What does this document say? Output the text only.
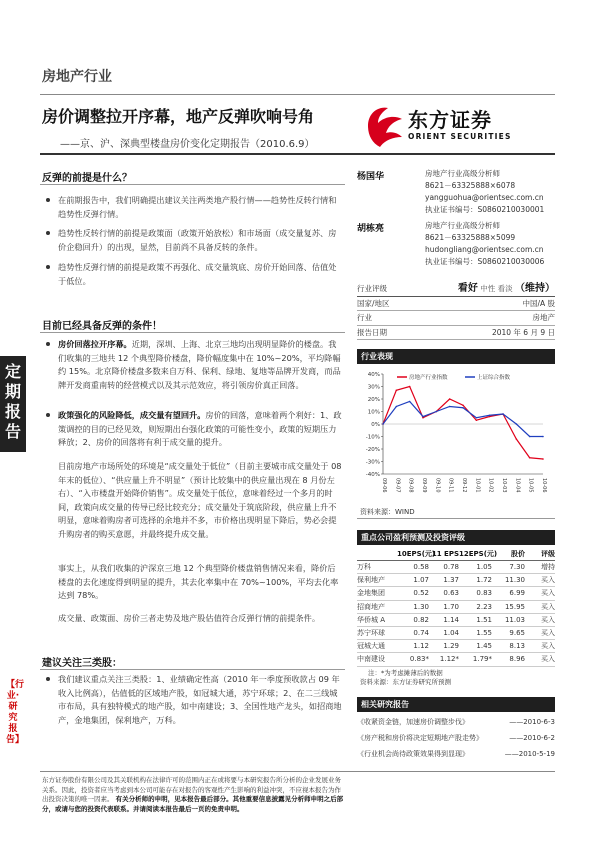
房地产行业
房价调整拉开序幕，地产反弹吹响号角
——京、沪、深典型楼盘房价变化定期报告（2010.6.9）
东方证券
ORIENT SECURITIES
定期报告
【行业·研究报告】
反弹的前提是什么？
在前期报告中，我们明确提出建议关注两类地产股行情——趋势性反转行情和趋势性反弹行情。
趋势性反转行情的前提是政策面（政策开始放松）和市场面（成交量复苏、房价企稳回升）的出现，显然，目前尚不具备反转的条件。
趋势性反弹行情的前提是政策不再强化、成交量筑底、房价开始回落、估值处于低位。
目前已经具备反弹的条件！
房价回落拉开序幕。近期，深圳、上海、北京三地均出现明显降价的楼盘。我们收集的三地共 12 个典型降价楼盘，降价幅度集中在 10%~20%，平均降幅约 15%。北京降价楼盘多数来自万科、保利、绿地、复地等品牌开发商，而品牌开发商重南转的经营模式以及其示范效应，将引领房价真正回落。
政策强化的风险降低，成交量有望回升。房价的回落，意味着两个利好：1、政策调控的目的已经见效，则短期出台强化政策的可能性变小，政策的短期压力释放；2、房价的回落将有利于成交量的提升。
目前房地产市场所处的环境是“成交量处于低位”（目前主要城市成交量处于 08 年末的低位）、“供应量上升不明显”（预计比较集中的供应量出现在 8 月份左右）、“入市楼盘开始降价销售”。成交量处于低位，意味着经过一个多月的时间，政策向成交量的传导已经比较充分；成交量处于筑底阶段，供应量上升不明显，意味着购房者可选择的余地并不多，市价格出现明显下降后，势必会提升购房者的购买意愿，并最终提升成交量。
事实上，从我们收集的沪深京三地 12 个典型降价楼盘销售情况来看，降价后楼盘的去化速度得到明显的提升，其去化率集中在 70%~100%，平均去化率达到 78%。
成交量、政策面、房价三者走势及地产股估值符合反弹行情的前提条件。
建议关注三类股：
我们建议重点关注三类股：1、业绩确定性高（2010 年一季度预收款占 09 年收入比例高），估值低的区域地产股，如冠城大通，苏宁环球；2、在二三线城市布局，具有独特模式的地产股，如中南建设；3、全国性地产龙头，如招商地产，金地集团，保利地产，万科。
杨国华	房地产行业高级分析师
8621－63325888×6078
yangguohua@orientsec.com.cn
执业证书编号：S0860210030001
胡栋亮	房地产行业高级分析师
8621－63325888×5099
hudongliang@orientsec.com.cn
执业证书编号：S0860210030006
行业评级	看好 中性 看淡 （维持）
国家/地区	中国/A 股
行业	房地产
报告日期	2010 年 6 月 9 日
行业表现
40%
30%
20%
10%
0%
-10%
-20%
-30%
-40%
09-06 09-07 09-08 09-09 09-10 09-11 09-12 10-01 10-02 10-03 10-04 10-05 10-06
房地产行业指数	上证综合指数
资料来源：WIND
重点公司盈利预测及投资评级
10EPS(元)
11 EPS 12EPS(元)	股价	评级
万科	0.58	0.78	1.05	7.30	增持
保利地产	1.07	1.37	1.72	11.30	买入
金地集团	0.52	0.63	0.83	6.99	买入
招商地产	1.30	1.70	2.23	15.95	买入
华侨城 A	0.82	1.14	1.51	11.03	买入
苏宁环球	0.74	1.04	1.55	9.65	买入
冠城大通	1.12	1.29	1.45	8.13	买入
中南建设	0.83*	1.12*	1.79*	8.96	买入
注：*为考虑摊薄后的数据
资料来源：东方证券研究所预测
相关研究报告
《收紧资金链，加速房价调整步伐》	——2010-6-3
《房产税和房价将决定短期地产股走势》	——2010-6-2
《行业机会尚待政策效果得到显现》	——2010-5-19
东方证券股份有限公司及其关联机构在法律许可的范围内正在或将要与本研究报告所分析的企业发展业务关系。因此，投资者应当考虑到本公司可能存在对报告的客观性产生影响的利益冲突，不应视本报告为作出投资决策的唯一因素。 有关分析师的申明，见本报告最后部分。其他重要信息披露见分析师申明之后部分，或请与您的投资代表联系。并请阅读本报告最后一页的免责申明。
